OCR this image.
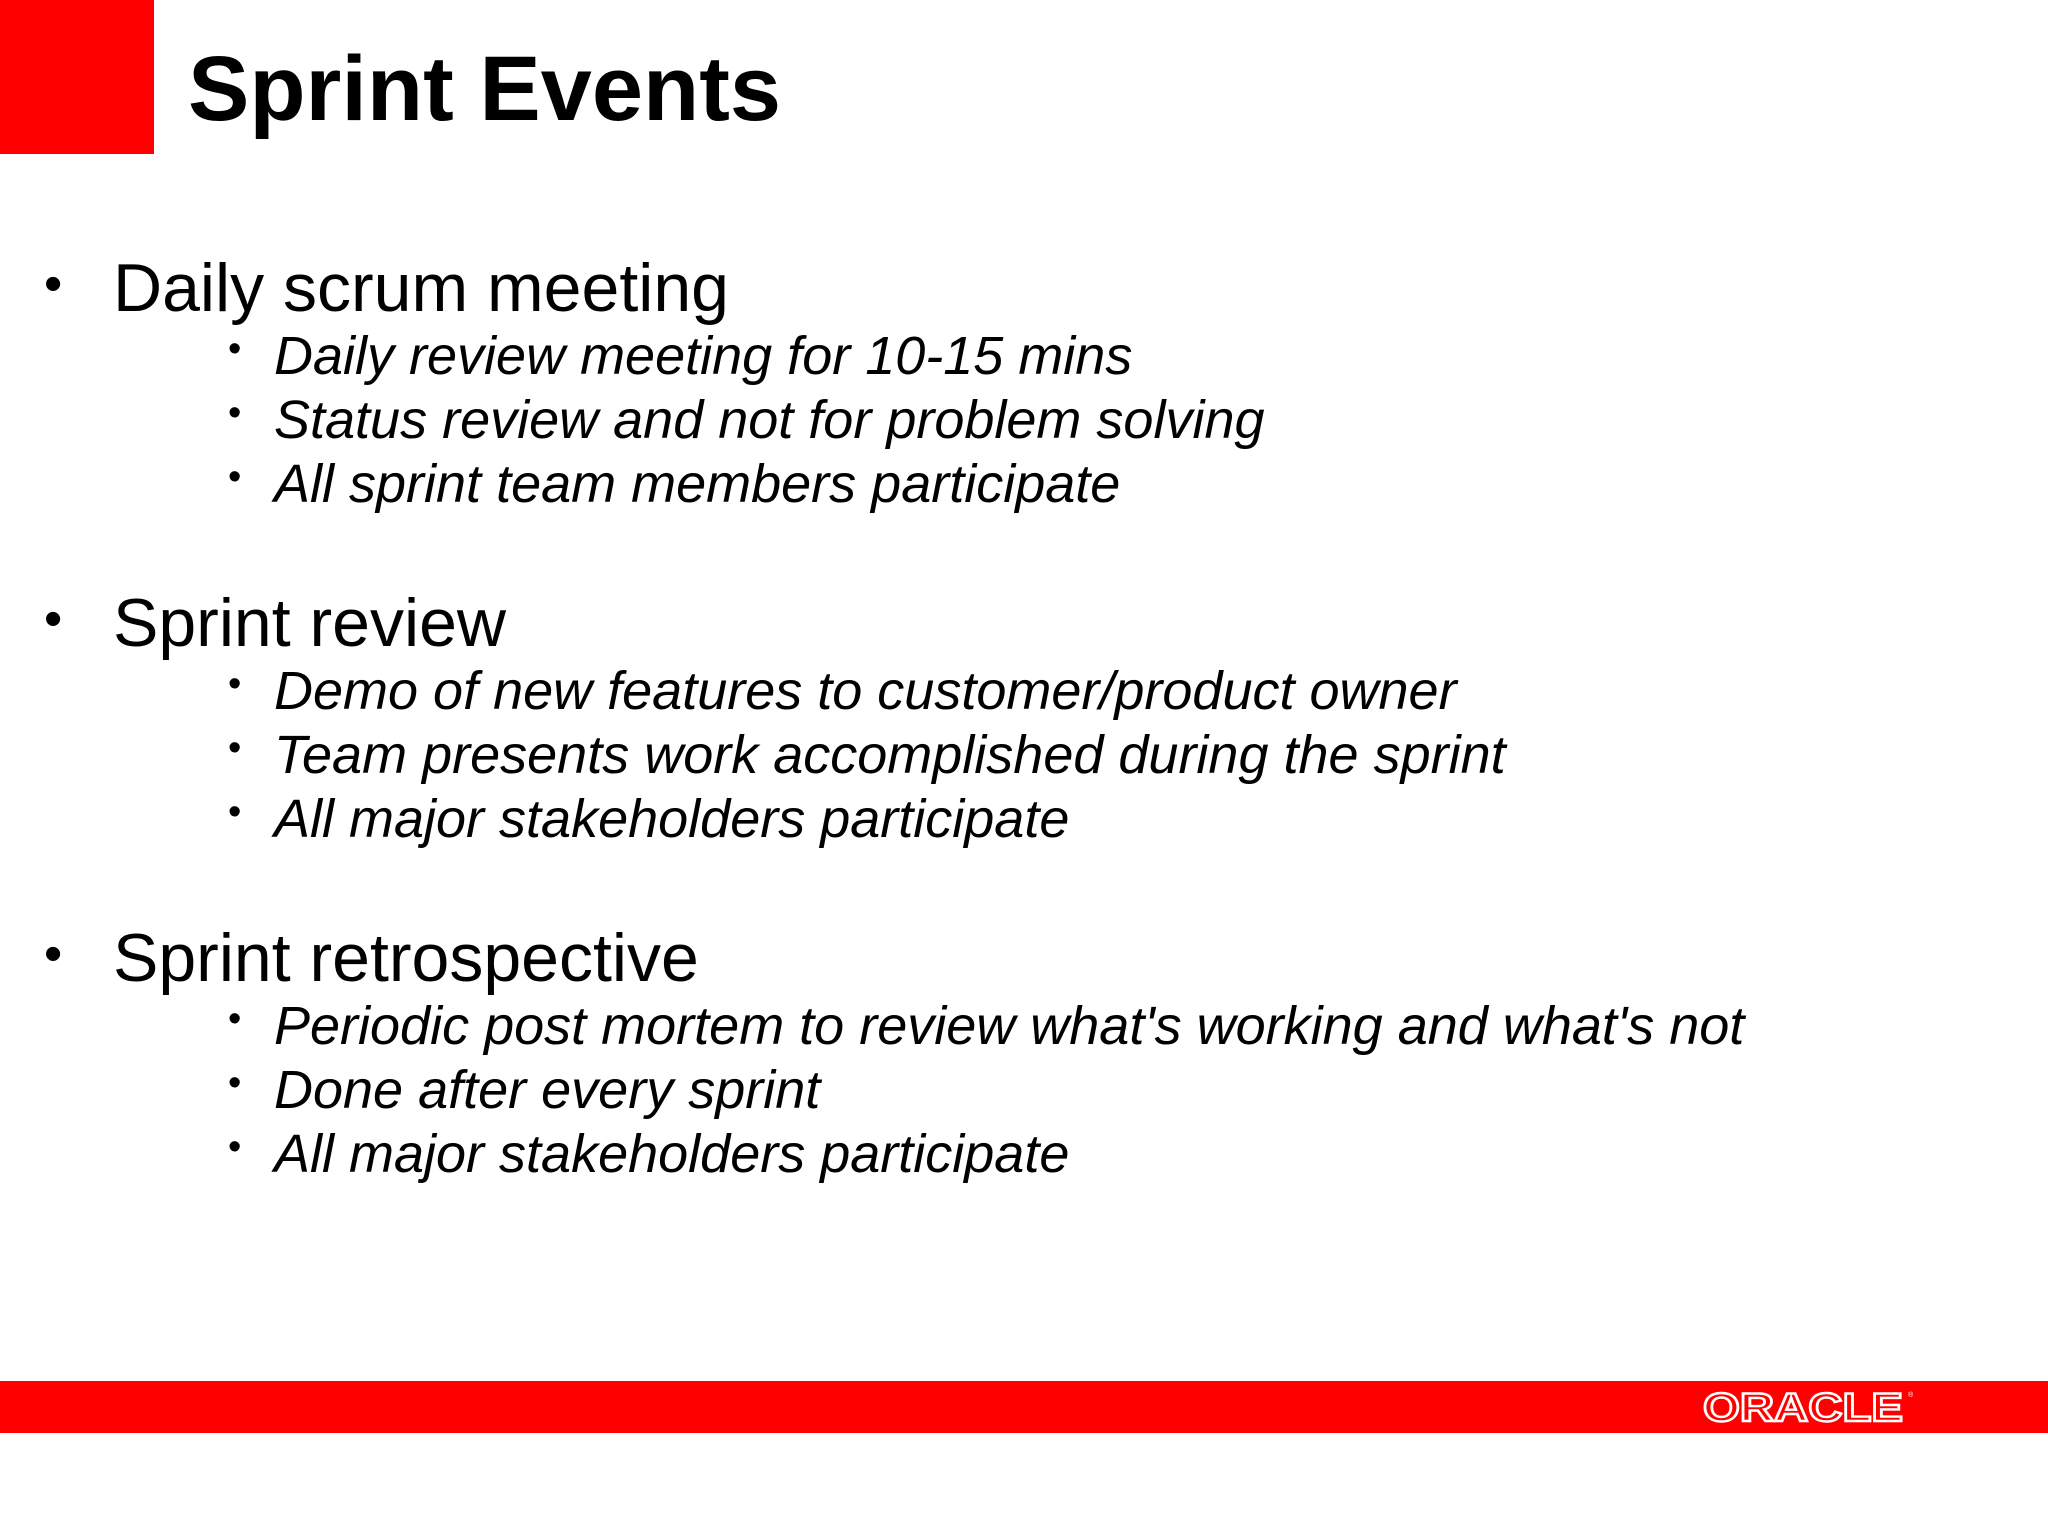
Sprint Events
• Daily scrum meeting
• Daily review meeting for 10-15 mins
• Status review and not for problem solving
• All sprint team members participate
• Sprint review
• Demo of new features to customer/product owner
• Team presents work accomplished during the sprint
• All major stakeholders participate
• Sprint retrospective
• Periodic post mortem to review what's working and what's not
• Done after every sprint
• All major stakeholders participate
ORACLE ®
